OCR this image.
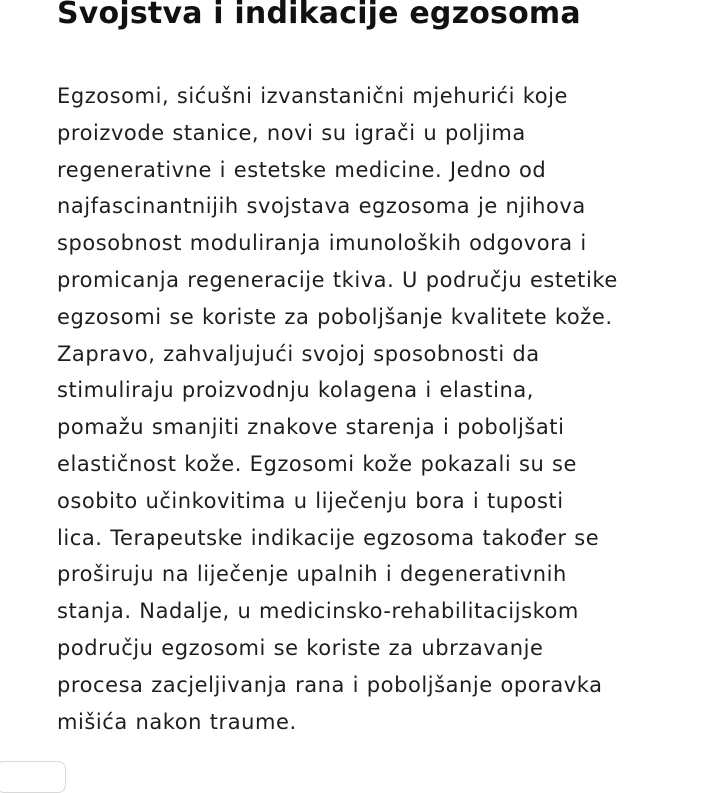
Svojstva i indikacije egzosoma

Egzosomi, sićušni izvanstanični mjehurići koje
proizvode stanice, novi su igrači u poljima
regenerativne i estetske medicine. Jedno od
najfascinantnijih svojstava egzosoma je njihova
sposobnost moduliranja imunoloških odgovora i
promicanja regeneracije tkiva. U području estetike
egzosomi se koriste za poboljšanje kvalitete kože.
Zapravo, zahvaljujući svojoj sposobnosti da
stimuliraju proizvodnju kolagena i elastina,
pomažu smanjiti znakove starenja i poboljšati
elastičnost kože. Egzosomi kože pokazali su se
osobito učinkovitima u liječenju bora i tuposti
lica. Terapeutske indikacije egzosoma također se
proširuju na liječenje upalnih i degenerativnih
stanja. Nadalje, u medicinsko-rehabilitacijskom
području egzosomi se koriste za ubrzavanje
procesa zacjeljivanja rana i poboljšanje oporavka
mišića nakon traume.
